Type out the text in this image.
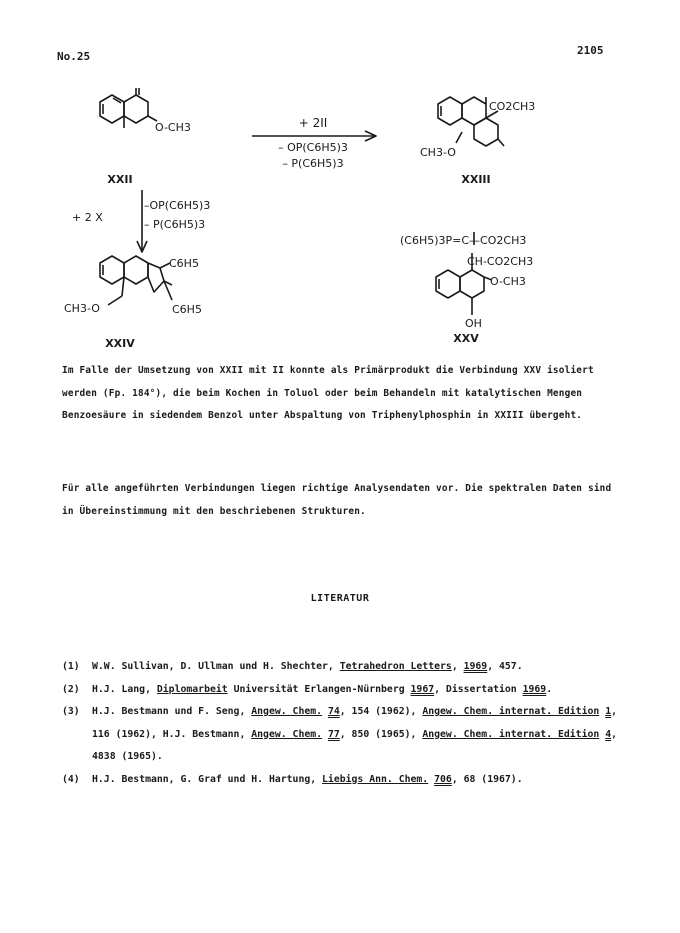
No.25	2105
XXII	XXIII
XXIV	XXV
O-CH3
CO2CH3
CH3-O
C6H5
C6H5
CH3-O
(C6H5)3P=C—CO2CH3
CH-CO2CH3
O-CH3
OH
+ 2II
– OP(C6H5)3
– P(C6H5)3
+ 2 X
–OP(C6H5)3
– P(C6H5)3
Im Falle der Umsetzung von XXII mit II konnte als Primärprodukt die Verbindung XXV isoliert werden (Fp. 184°), die beim Kochen in Toluol oder beim Behandeln mit katalytischen Mengen Benzoesäure in siedendem Benzol unter Abspaltung von Triphenylphosphin in XXIII übergeht.
Für alle angeführten Verbindungen liegen richtige Analysendaten vor. Die spektralen Daten sind in Übereinstimmung mit den beschriebenen Strukturen.
LITERATUR
(1) W.W. Sullivan, D. Ullman und H. Shechter, Tetrahedron Letters, 1969, 457.
(2) H.J. Lang, Diplomarbeit Universität Erlangen-Nürnberg 1967, Dissertation 1969.
(3) H.J. Bestmann und F. Seng, Angew. Chem. 74, 154 (1962), Angew. Chem. internat. Edition 1, 116 (1962), H.J. Bestmann, Angew. Chem. 77, 850 (1965), Angew. Chem. internat. Edition 4, 4838 (1965).
(4) H.J. Bestmann, G. Graf und H. Hartung, Liebigs Ann. Chem. 706, 68 (1967).
